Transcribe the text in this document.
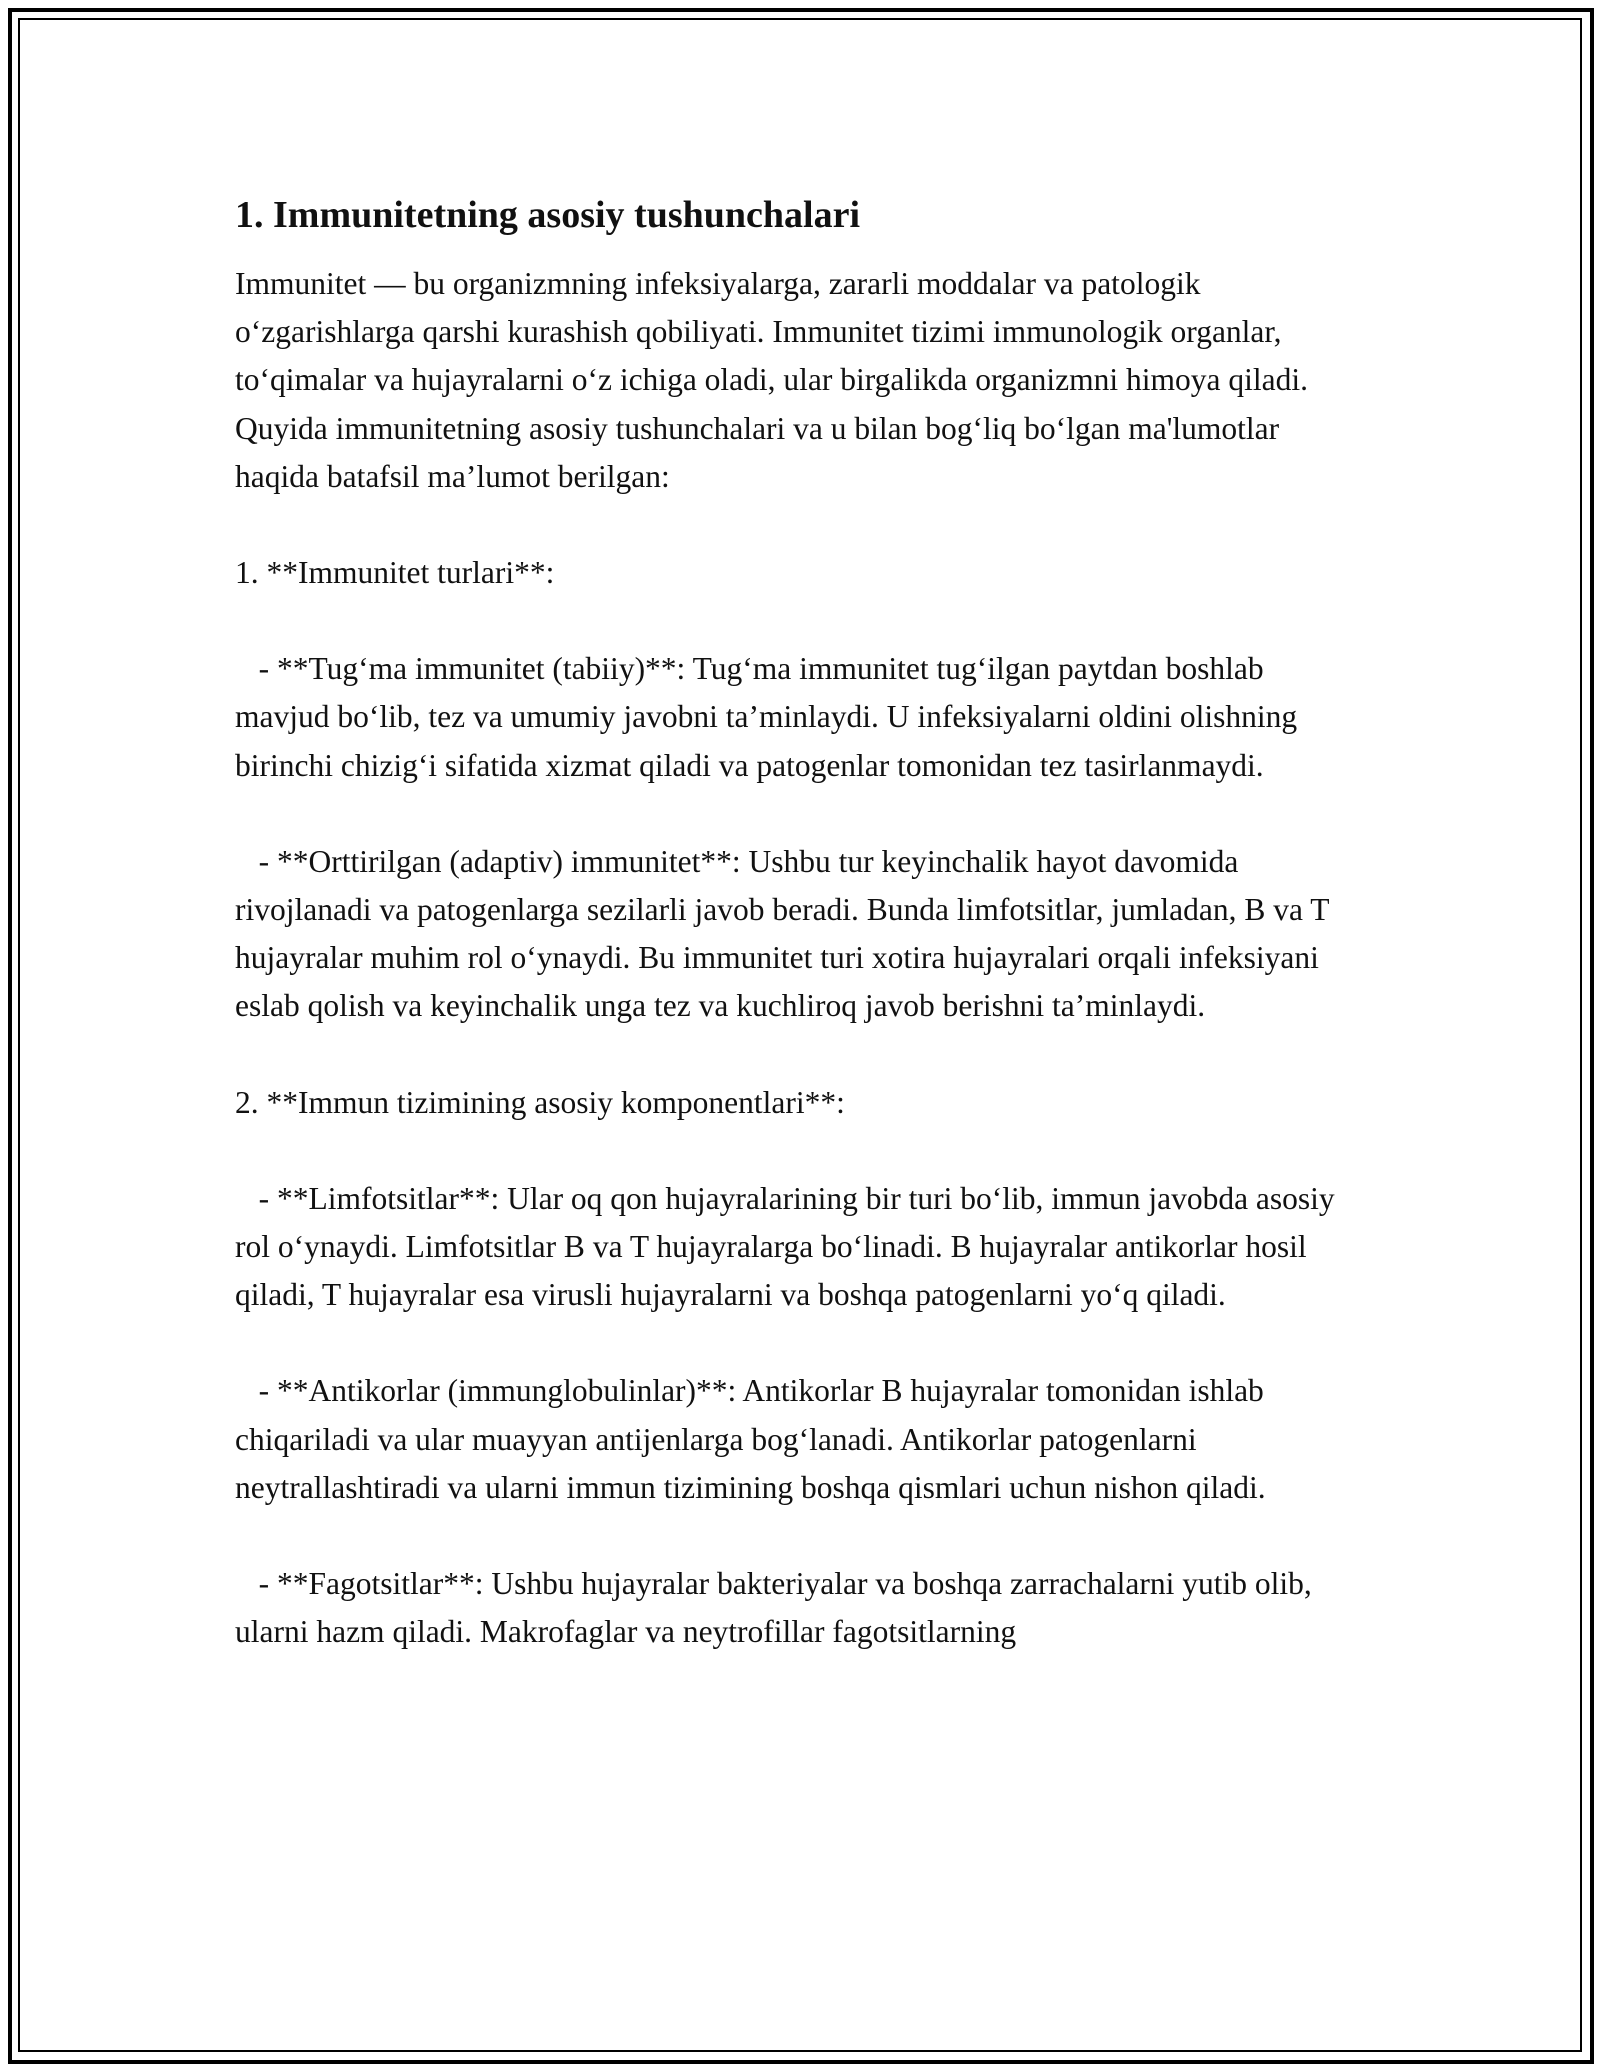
1. Immunitetning asosiy tushunchalari

Immunitet — bu organizmning infeksiyalarga, zararli moddalar va patologik o‘zgarishlarga qarshi kurashish qobiliyati. Immunitet tizimi immunologik organlar, to‘qimalar va hujayralarni o‘z ichiga oladi, ular birgalikda organizmni himoya qiladi. Quyida immunitetning asosiy tushunchalari va u bilan bog‘liq bo‘lgan ma'lumotlar haqida batafsil ma’lumot berilgan:

1. **Immunitet turlari**:

- **Tug‘ma immunitet (tabiiy)**: Tug‘ma immunitet tug‘ilgan paytdan boshlab mavjud bo‘lib, tez va umumiy javobni ta’minlaydi. U infeksiyalarni oldini olishning birinchi chizig‘i sifatida xizmat qiladi va patogenlar tomonidan tez tasirlanmaydi.

- **Orttirilgan (adaptiv) immunitet**: Ushbu tur keyinchalik hayot davomida rivojlanadi va patogenlarga sezilarli javob beradi. Bunda limfotsitlar, jumladan, B va T hujayralar muhim rol o‘ynaydi. Bu immunitet turi xotira hujayralari orqali infeksiyani eslab qolish va keyinchalik unga tez va kuchliroq javob berishni ta’minlaydi.

2. **Immun tizimining asosiy komponentlari**:

- **Limfotsitlar**: Ular oq qon hujayralarining bir turi bo‘lib, immun javobda asosiy rol o‘ynaydi. Limfotsitlar B va T hujayralarga bo‘linadi. B hujayralar antikorlar hosil qiladi, T hujayralar esa virusli hujayralarni va boshqa patogenlarni yo‘q qiladi.

- **Antikorlar (immunglobulinlar)**: Antikorlar B hujayralar tomonidan ishlab chiqariladi va ular muayyan antijenlarga bog‘lanadi. Antikorlar patogenlarni neytrallashtiradi va ularni immun tizimining boshqa qismlari uchun nishon qiladi.

- **Fagotsitlar**: Ushbu hujayralar bakteriyalar va boshqa zarrachalarni yutib olib, ularni hazm qiladi. Makrofaglar va neytrofillar fagotsitlarning
